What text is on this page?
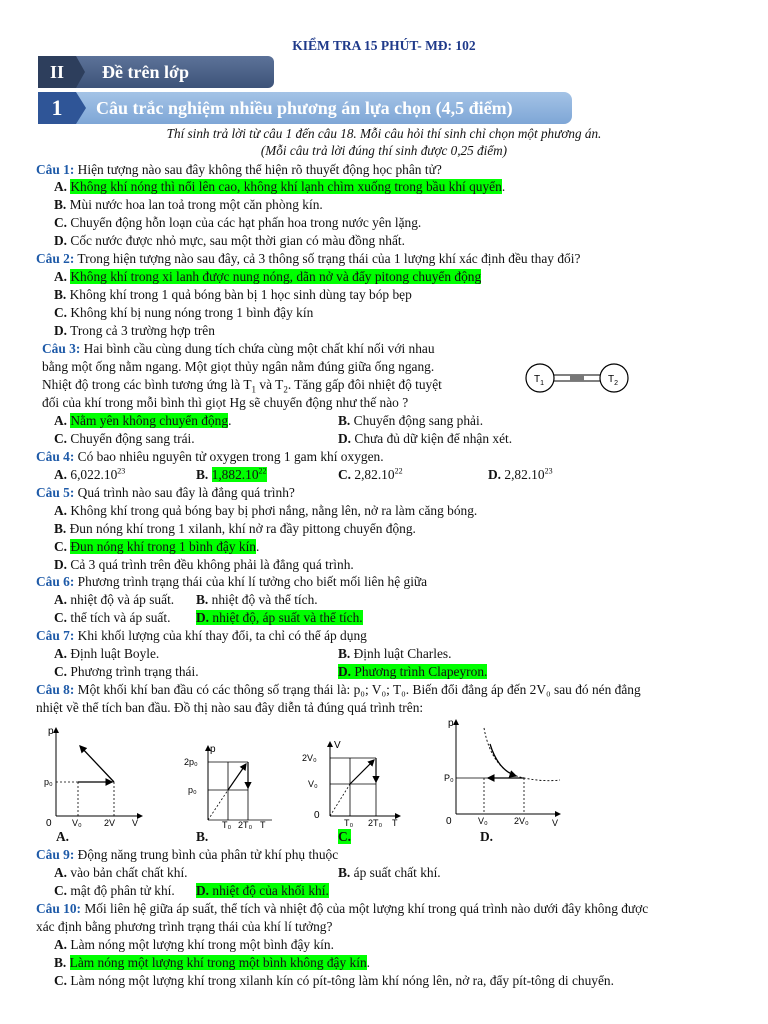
KIỂM TRA 15 PHÚT- MĐ: 102
II	Đề trên lớp
1	Câu trắc nghiệm nhiều phương án lựa chọn (4,5 điểm)
Thí sinh trả lời từ câu 1 đến câu 18. Mỗi câu hỏi thí sinh chỉ chọn một phương án.
(Mỗi câu trả lời đúng thí sinh được 0,25 điểm)
Câu 1: Hiện tượng nào sau đây không thể hiện rõ thuyết động học phân tử?
A. Không khí nóng thì nổi lên cao, không khí lạnh chìm xuống trong bầu khí quyển.
B. Mùi nước hoa lan toả trong một căn phòng kín.
C. Chuyển động hỗn loạn của các hạt phấn hoa trong nước yên lặng.
D. Cốc nước được nhỏ mực, sau một thời gian có màu đồng nhất.
Câu 2: Trong hiện tượng nào sau đây, cả 3 thông số trạng thái của 1 lượng khí xác định đều thay đổi?
A. Không khí trong xi lanh được nung nóng, dãn nở và đẩy pitong chuyển động
B. Không khí trong 1 quả bóng bàn bị 1 học sinh dùng tay bóp bẹp
C. Không khí bị nung nóng trong 1 bình đậy kín
D. Trong cả 3 trường hợp trên
Câu 3: Hai bình cầu cùng dung tích chứa cùng một chất khí nối với nhau
bằng một ống nằm ngang. Một giọt thủy ngân nằm đúng giữa ống ngang.
Nhiệt độ trong các bình tương ứng là $T_1$ và $T_2$. Tăng gấp đôi nhiệt độ tuyệt
đối của khí trong mỗi bình thì giọt Hg sẽ chuyển động như thế nào ?
$T_1$	$T_2$
A. Nằm yên không chuyển động.	B. Chuyển động sang phải.
C. Chuyển động sang trái.	D. Chưa đủ dữ kiện để nhận xét.
Câu 4: Có bao nhiêu nguyên tử oxygen trong 1 gam khí oxygen.
A. 6,022.10$^{23}$	B. 1,882.10$^{22}$	C. 2,82.10$^{22}$	D. 2,82.10$^{23}$
Câu 5: Quá trình nào sau đây là đẳng quá trình?
A. Không khí trong quả bóng bay bị phơi nắng, nằng lên, nở ra làm căng bóng.
B. Đun nóng khí trong 1 xilanh, khí nở ra đầy pittong chuyển động.
C. Đun nóng khí trong 1 bình đậy kín.
D. Cả 3 quá trình trên đều không phải là đẳng quá trình.
Câu 6: Phương trình trạng thái của khí lí tưởng cho biết mối liên hệ giữa
A. nhiệt độ và áp suất. B. nhiệt độ và thể tích.
C. thể tích và áp suất. D. nhiệt độ, áp suất và thể tích.
Câu 7: Khi khối lượng của khí thay đổi, ta chỉ có thể áp dụng
A. Định luật Boyle.	B. Định luật Charles.
C. Phương trình trạng thái.	D. Phương trình Clapeyron.
Câu 8: Một khối khí ban đầu có các thông số trạng thái là: p₀; V₀; T₀. Biến đổi đẳng áp đến 2V₀ sau đó nén đẳng
nhiệt về thể tích ban đầu. Đồ thị nào sau đây diễn tả đúng quá trình trên:
p
p₀
0 V₀ 2V V
A.
p
2p₀
p₀
T₀ 2T₀ T
B.
V
2V₀
V₀
0
T₀ 2T₀ T
C.
p
P₀
0	V₀	2V₀	V
D.
Câu 9: Động năng trung bình của phân tử khí phụ thuộc
A. vào bản chất chất khí.	B. áp suất chất khí.
C. mật độ phân tử khí. D. nhiệt độ của khối khí.
Câu 10: Mối liên hệ giữa áp suất, thể tích và nhiệt độ của một lượng khí trong quá trình nào dưới đây không được
xác định bằng phương trình trạng thái của khí lí tưởng?
A. Làm nóng một lượng khí trong một bình đậy kín.
B. Làm nóng một lượng khí trong một bình không đậy kín.
C. Làm nóng một lượng khí trong xilanh kín có pít-tông làm khí nóng lên, nở ra, đẩy pít-tông di chuyển.
